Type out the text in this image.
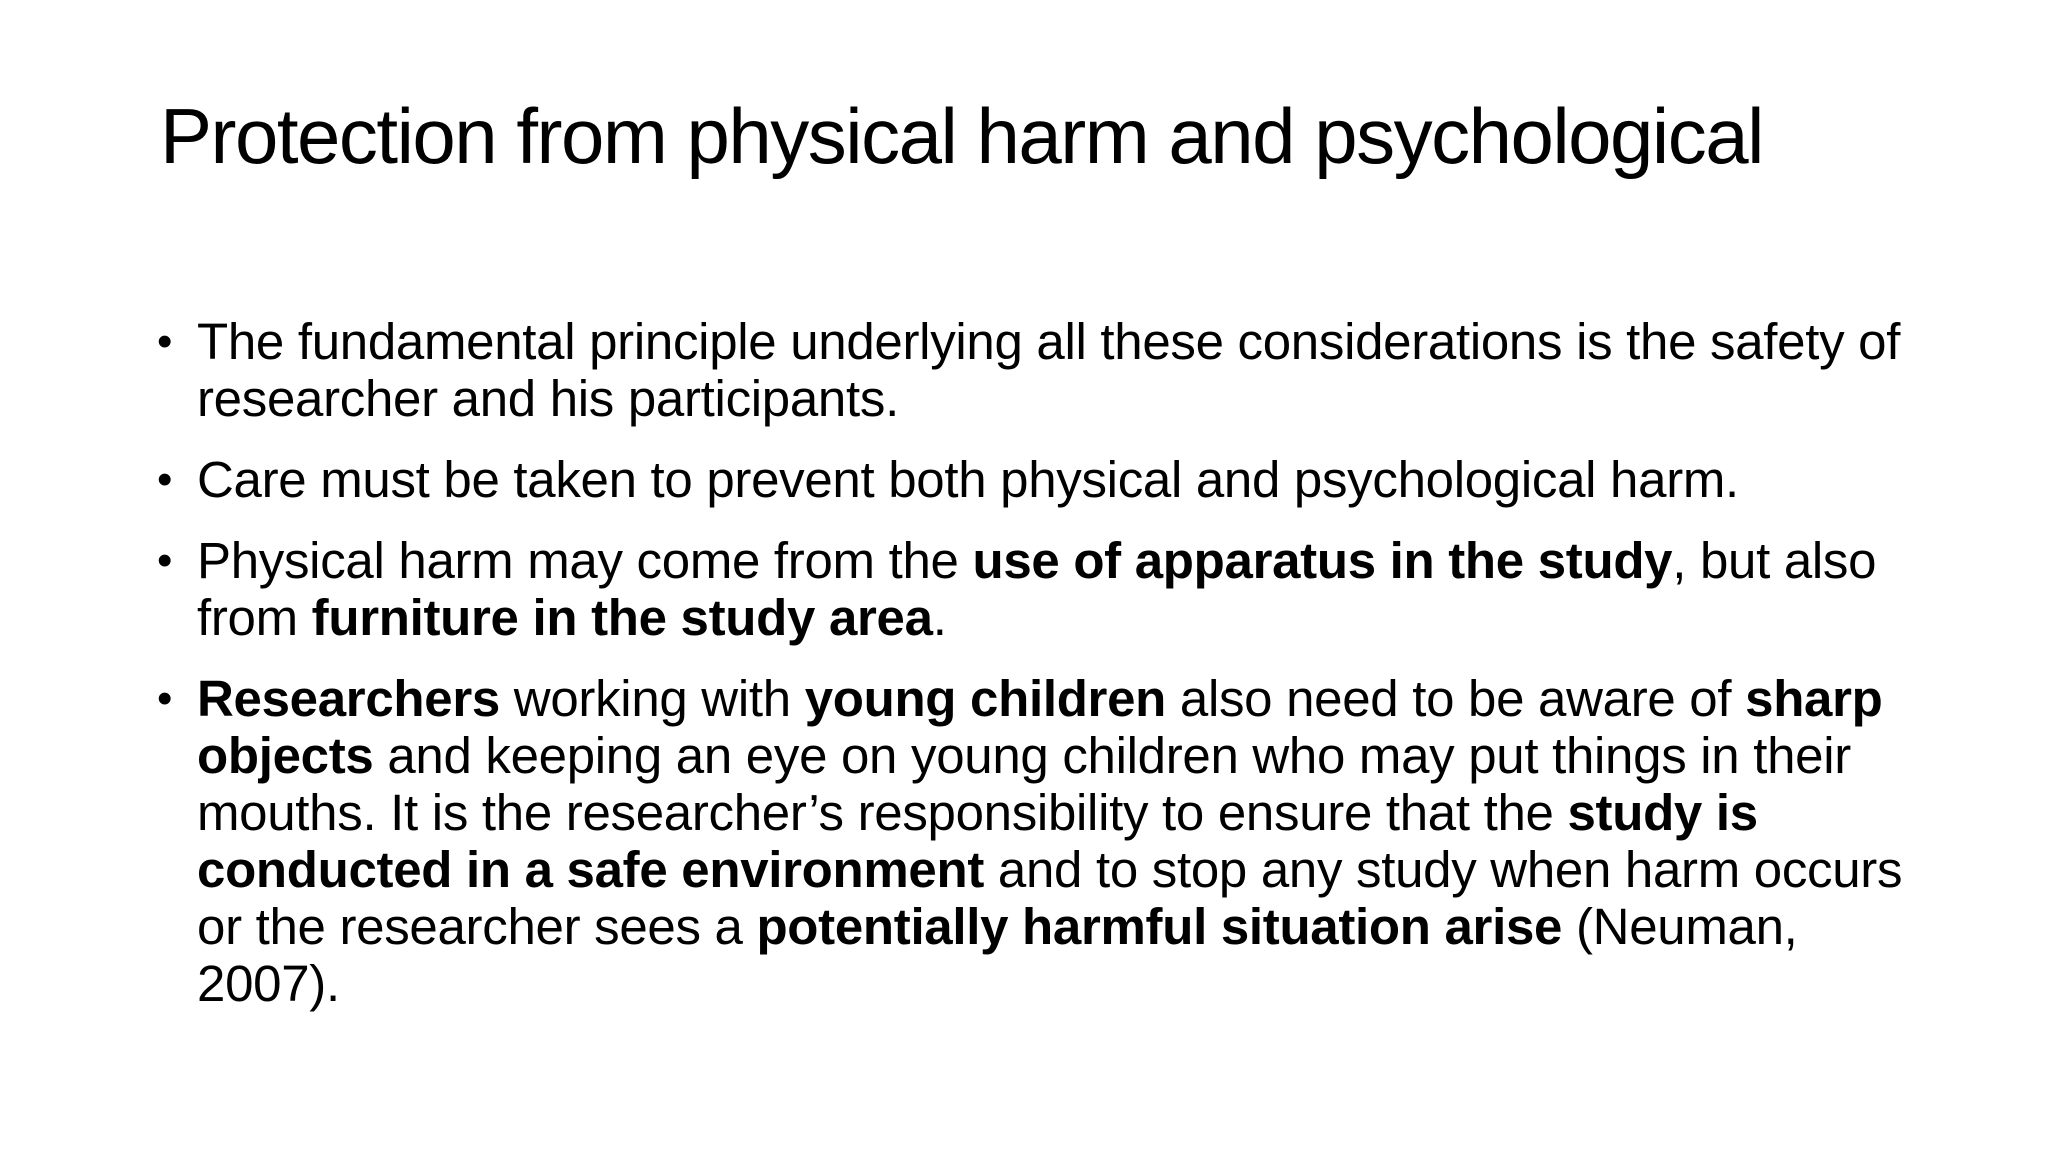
Protection from physical harm and psychological
• The fundamental principle underlying all these considerations is the safety of researcher and his participants.
• Care must be taken to prevent both physical and psychological harm.
• Physical harm may come from the use of apparatus in the study, but also from furniture in the study area.
• Researchers working with young children also need to be aware of sharp objects and keeping an eye on young children who may put things in their mouths. It is the researcher’s responsibility to ensure that the study is conducted in a safe environment and to stop any study when harm occurs or the researcher sees a potentially harmful situation arise (Neuman, 2007).
